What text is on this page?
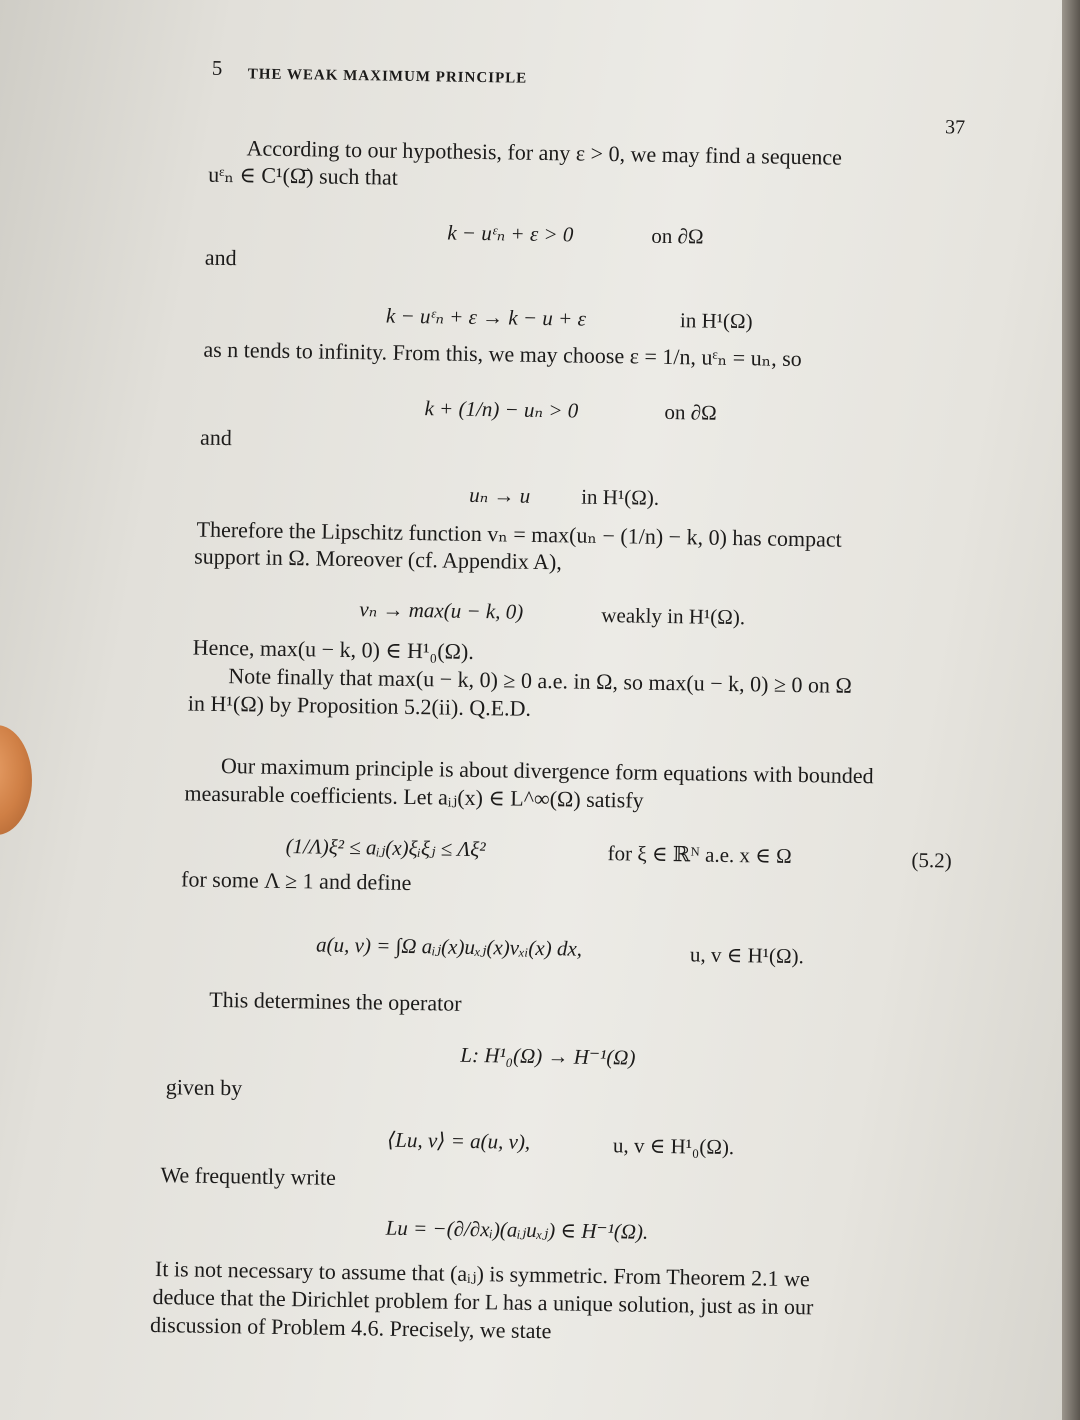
5 THE WEAK MAXIMUM PRINCIPLE
37
According to our hypothesis, for any ε > 0, we may find a sequence
uᵋₙ ∈ C¹(Ω̄) such that
k − uᵋₙ + ε > 0	on ∂Ω
and
k − uᵋₙ + ε → k − u + ε	in H¹(Ω)
as n tends to infinity. From this, we may choose ε = 1/n, uᵋₙ = uₙ, so
k + (1/n) − uₙ > 0	on ∂Ω
and
uₙ → u in H¹(Ω).
Therefore the Lipschitz function vₙ = max(uₙ − (1/n) − k, 0) has compact
support in Ω. Moreover (cf. Appendix A),
vₙ → max(u − k, 0)	weakly in H¹(Ω).
Hence, max(u − k, 0) ∈ H¹₀(Ω).
Note finally that max(u − k, 0) ≥ 0 a.e. in Ω, so max(u − k, 0) ≥ 0 on Ω
in H¹(Ω) by Proposition 5.2(ii). Q.E.D.
Our maximum principle is about divergence form equations with bounded
measurable coefficients. Let aᵢⱼ(x) ∈ L^∞(Ω) satisfy
(1/Λ)ξ² ≤ aᵢⱼ(x)ξᵢξⱼ ≤ Λξ²	for ξ ∈ ℝᴺ a.e. x ∈ Ω	(5.2)
for some Λ ≥ 1 and define
a(u, v) = ∫Ω aᵢⱼ(x)uₓⱼ(x)vₓᵢ(x) dx,	u, v ∈ H¹(Ω).
This determines the operator
L: H¹₀(Ω) → H⁻¹(Ω)
given by
⟨Lu, v⟩ = a(u, v),	u, v ∈ H¹₀(Ω).
We frequently write
Lu = −(∂/∂xᵢ)(aᵢⱼuₓⱼ) ∈ H⁻¹(Ω).
It is not necessary to assume that (aᵢⱼ) is symmetric. From Theorem 2.1 we
deduce that the Dirichlet problem for L has a unique solution, just as in our
discussion of Problem 4.6. Precisely, we state
